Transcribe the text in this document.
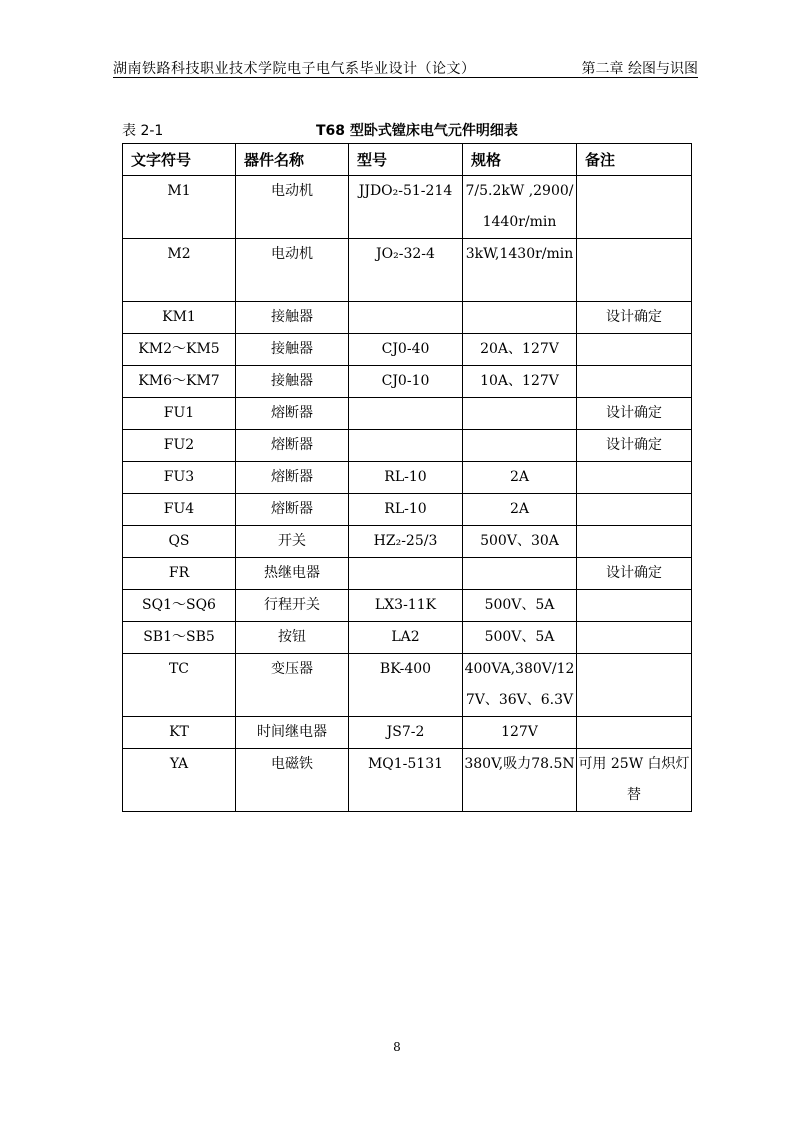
湖南铁路科技职业技术学院电子电气系毕业设计（论文）	第二章 绘图与识图
表 2-1	T68 型卧式镗床电气元件明细表
文字符号	器件名称	型号	规格	备注
M1	电动机	JJDO₂-51-214	7/5.2kW ,2900/1440r/min	
M2	电动机	JO₂-32-4	3kW,1430r/min	
KM1	接触器			设计确定
KM2～KM5	接触器	CJ0-40	20A、127V	
KM6～KM7	接触器	CJ0-10	10A、127V	
FU1	熔断器			设计确定
FU2	熔断器			设计确定
FU3	熔断器	RL-10	2A	
FU4	熔断器	RL-10	2A	
QS	开关	HZ₂-25/3	500V、30A	
FR	热继电器			设计确定
SQ1～SQ6	行程开关	LX3-11K	500V、5A	
SB1～SB5	按钮	LA2	500V、5A	
TC	变压器	BK-400	400VA,380V/127V、36V、6.3V	
KT	时间继电器	JS7-2	127V	
YA	电磁铁	MQ1-5131	380V,吸力78.5N	可用 25W 白炽灯替
8
